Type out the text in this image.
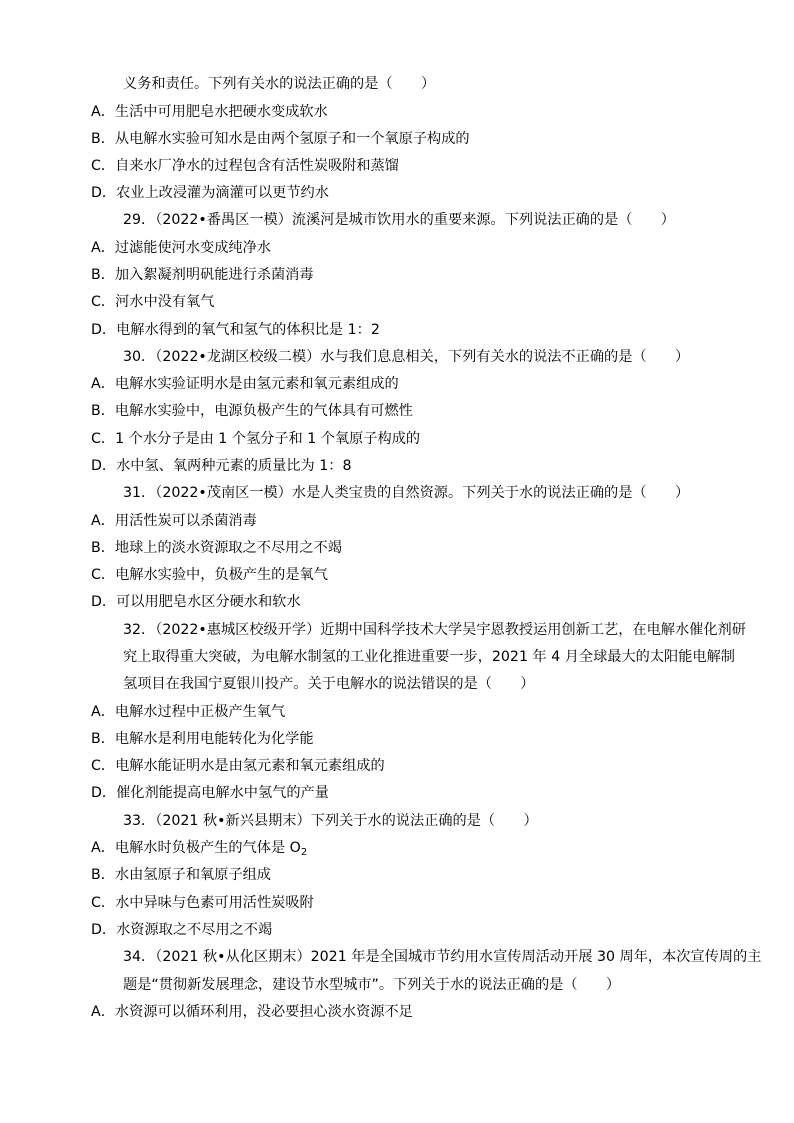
义务和责任。下列有关水的说法正确的是（　　）
A．生活中可用肥皂水把硬水变成软水
B．从电解水实验可知水是由两个氢原子和一个氧原子构成的
C．自来水厂净水的过程包含有活性炭吸附和蒸馏
D．农业上改浸灌为滴灌可以更节约水
29．（2022•番禺区一模）流溪河是城市饮用水的重要来源。下列说法正确的是（　　）
A．过滤能使河水变成纯净水
B．加入絮凝剂明矾能进行杀菌消毒
C．河水中没有氧气
D．电解水得到的氧气和氢气的体积比是 1：2
30．（2022•龙湖区校级二模）水与我们息息相关，下列有关水的说法不正确的是（　　）
A．电解水实验证明水是由氢元素和氧元素组成的
B．电解水实验中，电源负极产生的气体具有可燃性
C．1 个水分子是由 1 个氢分子和 1 个氧原子构成的
D．水中氢、氧两种元素的质量比为 1：8
31．（2022•茂南区一模）水是人类宝贵的自然资源。下列关于水的说法正确的是（　　）
A．用活性炭可以杀菌消毒
B．地球上的淡水资源取之不尽用之不竭
C．电解水实验中，负极产生的是氧气
D．可以用肥皂水区分硬水和软水
32．（2022•惠城区校级开学）近期中国科学技术大学吴宇恩教授运用创新工艺，在电解水催化剂研
究上取得重大突破，为电解水制氢的工业化推进重要一步，2021 年 4 月全球最大的太阳能电解制
氢项目在我国宁夏银川投产。关于电解水的说法错误的是（　　）
A．电解水过程中正极产生氧气
B．电解水是利用电能转化为化学能
C．电解水能证明水是由氢元素和氧元素组成的
D．催化剂能提高电解水中氢气的产量
33．（2021 秋•新兴县期末）下列关于水的说法正确的是（　　）
A．电解水时负极产生的气体是 $O_2$
B．水由氢原子和氧原子组成
C．水中异味与色素可用活性炭吸附
D．水资源取之不尽用之不竭
34．（2021 秋•从化区期末）2021 年是全国城市节约用水宣传周活动开展 30 周年，本次宣传周的主
题是“贯彻新发展理念，建设节水型城市”。下列关于水的说法正确的是（　　）
A．水资源可以循环利用，没必要担心淡水资源不足
